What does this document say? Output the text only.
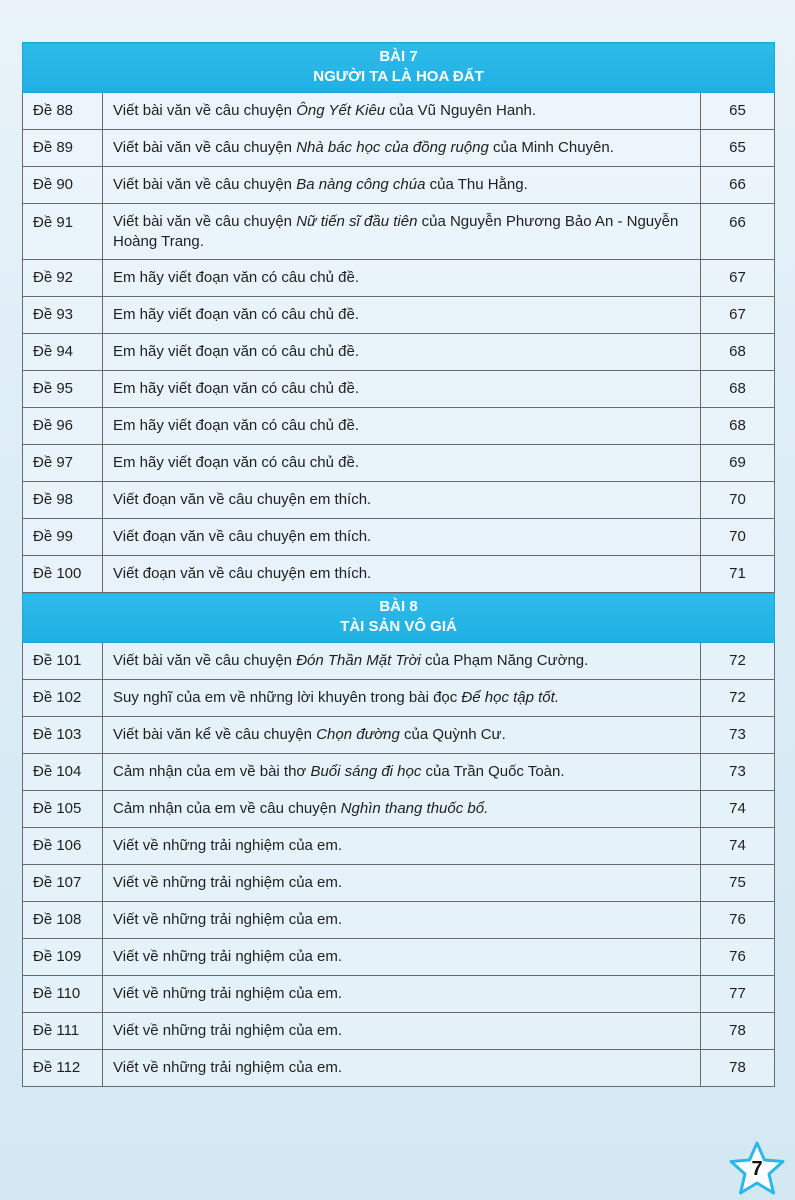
BÀI 7
NGƯỜI TA LÀ HOA ĐẤT		

Đề 88	Viết bài văn về câu chuyện Ông Yết Kiêu của Vũ Nguyên Hanh.	65
Đề 89	Viết bài văn về câu chuyện Nhà bác học của đồng ruộng của Minh Chuyên.	65
Đề 90	Viết bài văn về câu chuyện Ba nàng công chúa của Thu Hằng.	66
Đề 91	Viết bài văn về câu chuyện Nữ tiến sĩ đầu tiên của Nguyễn Phương Bảo An - Nguyễn Hoàng Trang.	66
Đề 92	Em hãy viết đoạn văn có câu chủ đề.	67
Đề 93	Em hãy viết đoạn văn có câu chủ đề.	67
Đề 94	Em hãy viết đoạn văn có câu chủ đề.	68
Đề 95	Em hãy viết đoạn văn có câu chủ đề.	68
Đề 96	Em hãy viết đoạn văn có câu chủ đề.	68
Đề 97	Em hãy viết đoạn văn có câu chủ đề.	69
Đề 98	Viết đoạn văn về câu chuyện em thích.	70
Đề 99	Viết đoạn văn về câu chuyện em thích.	70
Đề 100	Viết đoạn văn về câu chuyện em thích.	71

BÀI 8
TÀI SẢN VÔ GIÁ		

Đề 101	Viết bài văn về câu chuyện Đón Thần Mặt Trời của Phạm Năng Cường.	72
Đề 102	Suy nghĩ của em về những lời khuyên trong bài đọc Để học tập tốt.	72
Đề 103	Viết bài văn kể về câu chuyện Chọn đường của Quỳnh Cư.	73
Đề 104	Cảm nhận của em về bài thơ Buổi sáng đi học của Trần Quốc Toàn.	73
Đề 105	Cảm nhận của em về câu chuyện Nghìn thang thuốc bổ.	74
Đề 106	Viết về những trải nghiệm của em.	74
Đề 107	Viết về những trải nghiệm của em.	75
Đề 108	Viết về những trải nghiệm của em.	76
Đề 109	Viết về những trải nghiệm của em.	76
Đề 110	Viết về những trải nghiệm của em.	77
Đề 111	Viết về những trải nghiệm của em.	78
Đề 112	Viết về những trải nghiệm của em.	78
7
